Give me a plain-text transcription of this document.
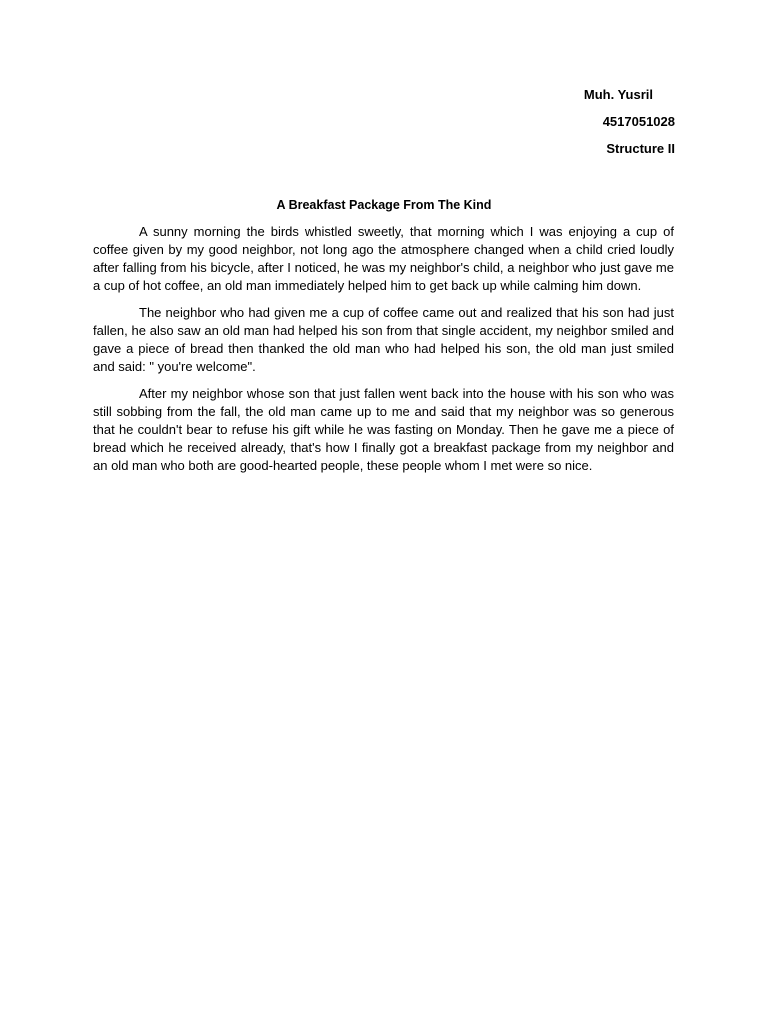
Muh. Yusril
4517051028
Structure II
A Breakfast Package From The Kind

A sunny morning the birds whistled sweetly, that morning which I was enjoying a cup of coffee given by my good neighbor, not long ago the atmosphere changed when a child cried loudly after falling from his bicycle, after I noticed, he was my neighbor's child, a neighbor who just gave me a cup of hot coffee, an old man immediately helped him to get back up while calming him down.

The neighbor who had given me a cup of coffee came out and realized that his son had just fallen, he also saw an old man had helped his son from that single accident, my neighbor smiled and gave a piece of bread then thanked the old man who had helped his son, the old man just smiled and said: " you're welcome".

After my neighbor whose son that just fallen went back into the house with his son who was still sobbing from the fall, the old man came up to me and said that my neighbor was so generous that he couldn't bear to refuse his gift while he was fasting on Monday. Then he gave me a piece of bread which he received already, that's how I finally got a breakfast package from my neighbor and an old man who both are good-hearted people, these people whom I met were so nice.
